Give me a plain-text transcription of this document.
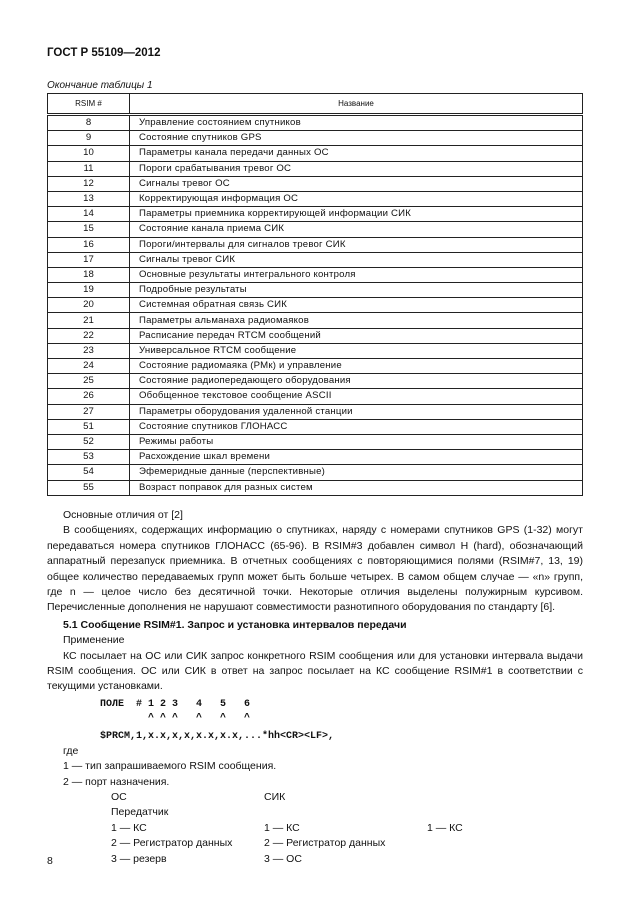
ГОСТ Р 55109—2012
Окончание таблицы 1
RSIM #	Название
8	Управление состоянием спутников
9	Состояние спутников GPS
10	Параметры канала передачи данных ОС
11	Пороги срабатывания тревог ОС
12	Сигналы тревог ОС
13	Корректирующая информация ОС
14	Параметры приемника корректирующей информации СИК
15	Состояние канала приема СИК
16	Пороги/интервалы для сигналов тревог СИК
17	Сигналы тревог СИК
18	Основные результаты интегрального контроля
19	Подробные результаты
20	Системная обратная связь СИК
21	Параметры альманаха радиомаяков
22	Расписание передач RTCM сообщений
23	Универсальное RTCM сообщение
24	Состояние радиомаяка (РМк) и управление
25	Состояние радиопередающего оборудования
26	Обобщенное текстовое сообщение ASCII
27	Параметры оборудования удаленной станции
51	Состояние спутников ГЛОНАСС
52	Режимы работы
53	Расхождение шкал времени
54	Эфемеридные данные (перспективные)
55	Возраст поправок для разных систем

Основные отличия от [2]

В сообщениях, содержащих информацию о спутниках, наряду с номерами спутников GPS (1-32) могут передаваться номера спутников ГЛОНАСС (65-96). В RSIM#3 добавлен символ H (hard), обозначающий аппаратный перезапуск приемника. В отчетных сообщениях с повторяющимися полями (RSIM#7, 13, 19) общее количество передаваемых групп может быть больше четырех. В самом общем случае — «n» групп, где n — целое число без десятичной точки. Некоторые отличия выделены полужирным курсивом. Перечисленные дополнения не нарушают совместимости разнотипного оборудования по стандарту [6].

5.1 Сообщение RSIM#1. Запрос и установка интервалов передачи

Применение

КС посылает на ОС или СИК запрос конкретного RSIM сообщения или для установки интервала выдачи RSIM сообщения. ОС или СИК в ответ на запрос посылает на КС сообщение RSIM#1 в соответствии с текущими установками.

ПОЛЕ  # 1 2 3   4   5   6

^ ^ ^   ^   ^   ^

$PRCM,1,x.x,x,x,x.x,x.x,...*hh<CR><LF>,

где

1 — тип запрашиваемого RSIM сообщения.

2 — порт назначения.

ОС	СИК
Передатчик
1 — КС	1 — КС	1 — КС
2 — Регистратор данных	2 — Регистратор данных
3 — резерв	3 — ОС
8
